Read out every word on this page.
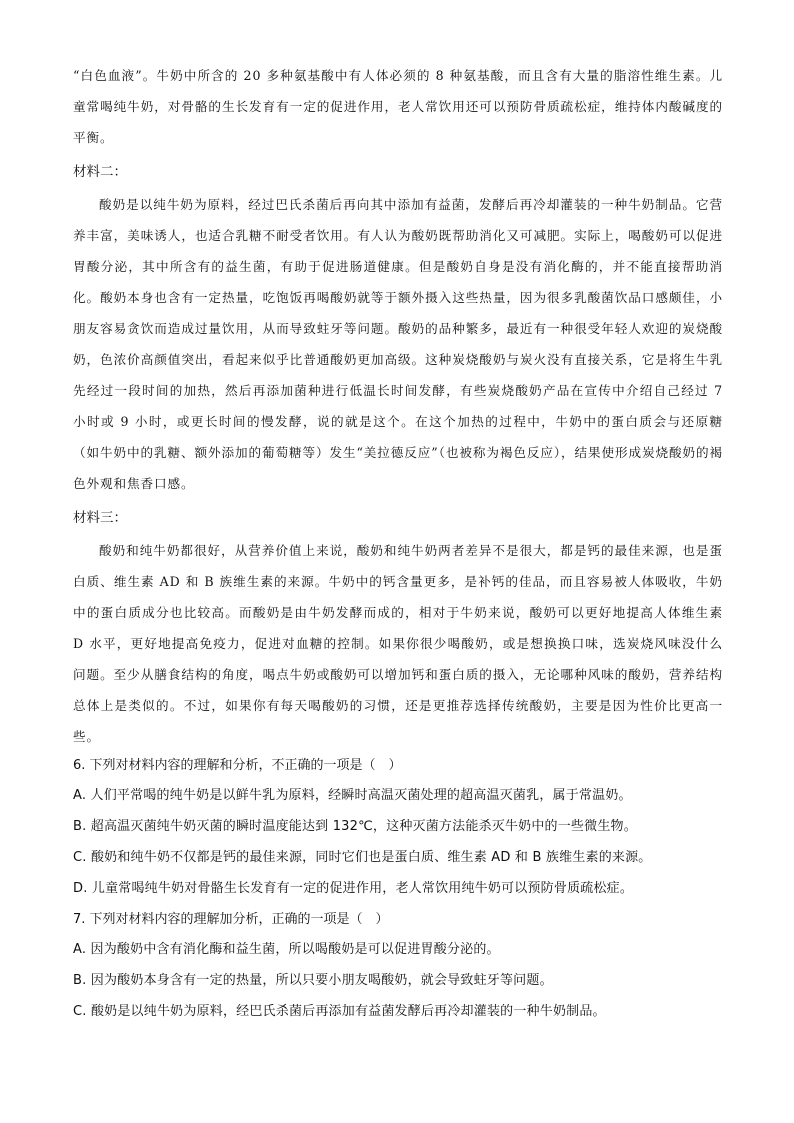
“白色血液”。牛奶中所含的 20 多种氨基酸中有人体必须的 8 种氨基酸，而且含有大量的脂溶性维生素。儿童常喝纯牛奶，对骨骼的生长发育有一定的促进作用，老人常饮用还可以预防骨质疏松症，维持体内酸碱度的平衡。

材料二：

酸奶是以纯牛奶为原料，经过巴氏杀菌后再向其中添加有益菌，发酵后再冷却灌装的一种牛奶制品。它营养丰富，美味诱人，也适合乳糖不耐受者饮用。有人认为酸奶既帮助消化又可减肥。实际上，喝酸奶可以促进胃酸分泌，其中所含有的益生菌，有助于促进肠道健康。但是酸奶自身是没有消化酶的，并不能直接帮助消化。酸奶本身也含有一定热量，吃饱饭再喝酸奶就等于额外摄入这些热量，因为很多乳酸菌饮品口感颇佳，小朋友容易贪饮而造成过量饮用，从而导致蛀牙等问题。酸奶的品种繁多，最近有一种很受年轻人欢迎的炭烧酸奶，色浓价高颜值突出，看起来似乎比普通酸奶更加高级。这种炭烧酸奶与炭火没有直接关系，它是将生牛乳先经过一段时间的加热，然后再添加菌种进行低温长时间发酵，有些炭烧酸奶产品在宣传中介绍自己经过 7 小时或 9 小时，或更长时间的慢发酵，说的就是这个。在这个加热的过程中，牛奶中的蛋白质会与还原糖（如牛奶中的乳糖、额外添加的葡萄糖等）发生“美拉德反应”（也被称为褐色反应），结果使形成炭烧酸奶的褐色外观和焦香口感。

材料三：

酸奶和纯牛奶都很好，从营养价值上来说，酸奶和纯牛奶两者差异不是很大，都是钙的最佳来源，也是蛋白质、维生素 AD 和 B 族维生素的来源。牛奶中的钙含量更多，是补钙的佳品，而且容易被人体吸收，牛奶中的蛋白质成分也比较高。而酸奶是由牛奶发酵而成的，相对于牛奶来说，酸奶可以更好地提高人体维生素 D 水平，更好地提高免疫力，促进对血糖的控制。如果你很少喝酸奶，或是想换换口味，选炭烧风味没什么问题。至少从膳食结构的角度，喝点牛奶或酸奶可以增加钙和蛋白质的摄入，无论哪种风味的酸奶，营养结构总体上是类似的。不过，如果你有每天喝酸奶的习惯，还是更推荐选择传统酸奶，主要是因为性价比更高一些。

6. 下列对材料内容的理解和分析，不正确的一项是（　）

A. 人们平常喝的纯牛奶是以鲜牛乳为原料，经瞬时高温灭菌处理的超高温灭菌乳，属于常温奶。

B. 超高温灭菌纯牛奶灭菌的瞬时温度能达到 132℃，这种灭菌方法能杀灭牛奶中的一些微生物。

C. 酸奶和纯牛奶不仅都是钙的最佳来源，同时它们也是蛋白质、维生素 AD 和 B 族维生素的来源。

D. 儿童常喝纯牛奶对骨骼生长发育有一定的促进作用，老人常饮用纯牛奶可以预防骨质疏松症。

7. 下列对材料内容的理解加分析，正确的一项是（　）

A. 因为酸奶中含有消化酶和益生菌，所以喝酸奶是可以促进胃酸分泌的。

B. 因为酸奶本身含有一定的热量，所以只要小朋友喝酸奶，就会导致蛀牙等问题。

C. 酸奶是以纯牛奶为原料，经巴氏杀菌后再添加有益菌发酵后再冷却灌装的一种牛奶制品。
